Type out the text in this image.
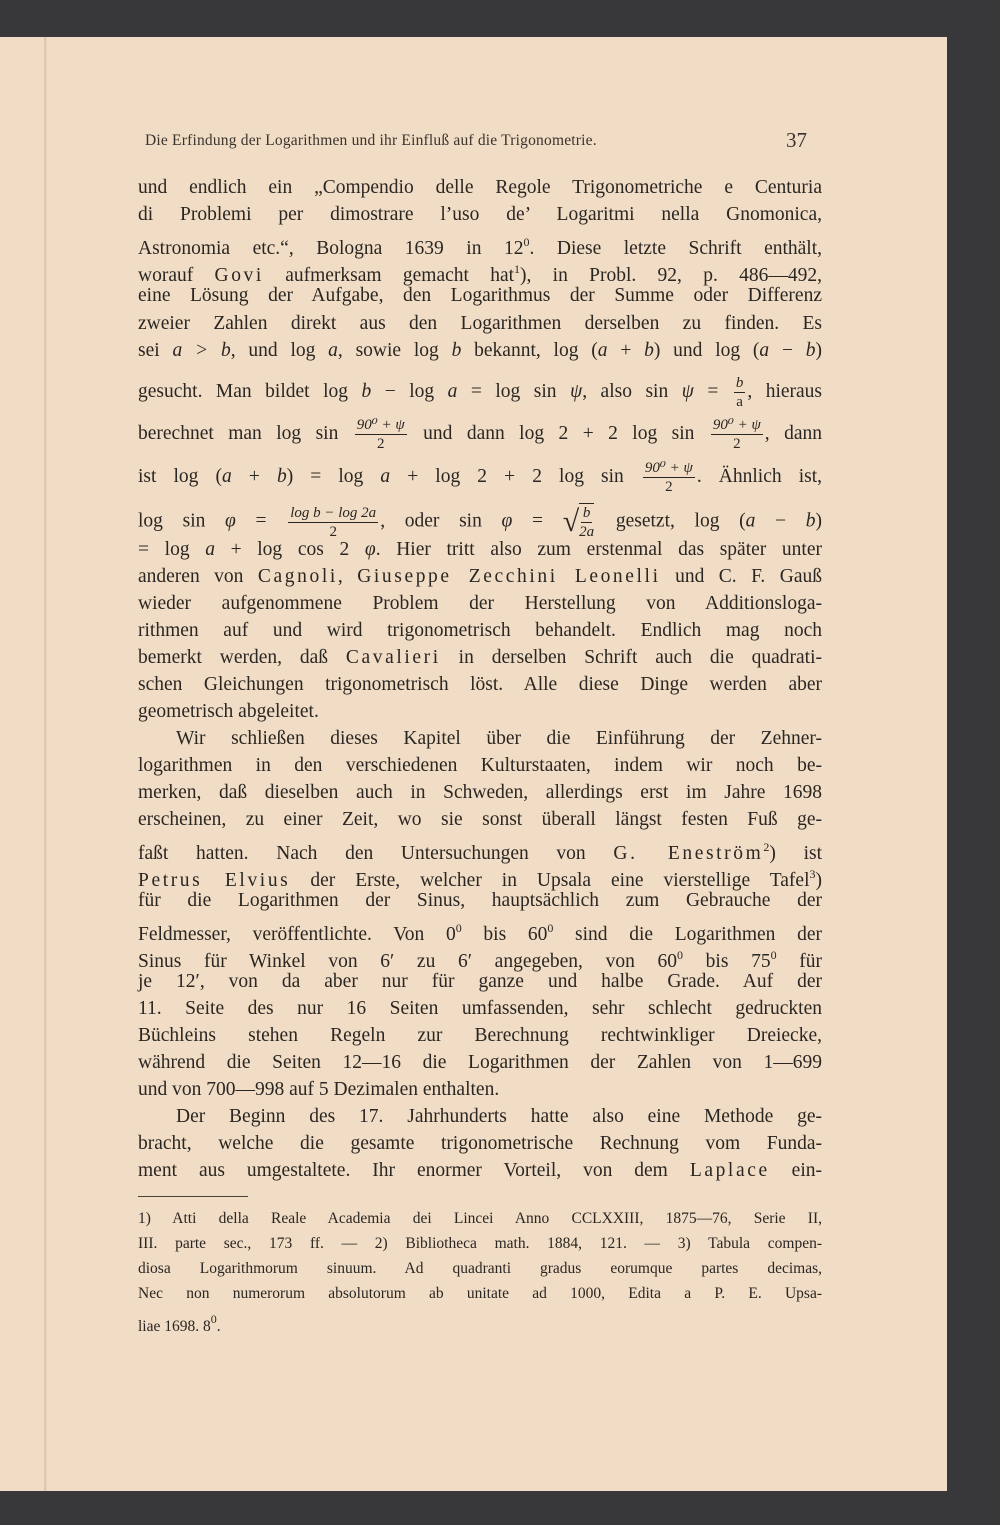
Die Erfindung der Logarithmen und ihr Einfluß auf die Trigonometrie.	37
und endlich ein „Compendio delle Regole Trigonometriche e Centuria
di Problemi per dimostrare l’uso de’ Logaritmi nella Gnomonica,
Astronomia etc.“, Bologna 1639 in $12^0$. Diese letzte Schrift enthält,
worauf Govi aufmerksam gemacht hat$^1$), in Probl. 92, p. 486—492,
eine Lösung der Aufgabe, den Logarithmus der Summe oder Differenz
zweier Zahlen direkt aus den Logarithmen derselben zu finden. Es
sei a > b, und log a, sowie log b bekannt, log (a + b) und log (a − b)
gesucht. Man bildet log b − log a = log sin ψ, also $\sin \psi = \frac{b}{a}$ , hieraus
berechnet man $\log \sin \frac{\text{90⁰ + ψ}}{2}$ und dann log 2 + 2 $\log \sin \frac{\text{90⁰ + ψ}}{2}$ , dann
ist log (a + b) = log a + log 2 + 2 $\log \sin \frac{\text{90⁰ + ψ}}{2}$ . Ähnlich ist,
$\log \sin \varphi = \frac{\text{log b − log 2a}}{2}$ , oder sin φ = √ $\frac{b}{2a}$ gesetzt, log (a − b)
= log a + log cos 2 φ. Hier tritt also zum erstenmal das später unter
anderen von Cagnoli, Giuseppe Zecchini Leonelli und C. F. Gauß
wieder aufgenommene Problem der Herstellung von Additionsloga-
rithmen auf und wird trigonometrisch behandelt. Endlich mag noch
bemerkt werden, daß Cavalieri in derselben Schrift auch die quadrati-
schen Gleichungen trigonometrisch löst. Alle diese Dinge werden aber
geometrisch abgeleitet.
Wir schließen dieses Kapitel über die Einführung der Zehner-
logarithmen in den verschiedenen Kulturstaaten, indem wir noch be-
merken, daß dieselben auch in Schweden, allerdings erst im Jahre 1698
erscheinen, zu einer Zeit, wo sie sonst überall längst festen Fuß ge-
faßt hatten. Nach den Untersuchungen von G. Eneström$^2$) ist
Petrus Elvius der Erste, welcher in Upsala eine vierstellige Tafel$^3$)
für die Logarithmen der Sinus, hauptsächlich zum Gebrauche der
Feldmesser, veröffentlichte. Von $0^0$ bis $60^0$ sind die Logarithmen der
Sinus für Winkel von 6′ zu 6′ angegeben, von $60^0$ bis $75^0$ für
je 12′, von da aber nur für ganze und halbe Grade. Auf der
11. Seite des nur 16 Seiten umfassenden, sehr schlecht gedruckten
Büchleins stehen Regeln zur Berechnung rechtwinkliger Dreiecke,
während die Seiten 12—16 die Logarithmen der Zahlen von 1—699
und von 700—998 auf 5 Dezimalen enthalten.
Der Beginn des 17. Jahrhunderts hatte also eine Methode ge-
bracht, welche die gesamte trigonometrische Rechnung vom Funda-
ment aus umgestaltete. Ihr enormer Vorteil, von dem Laplace ein-
1) Atti della Reale Academia dei Lincei Anno CCLXXIII, 1875—76, Serie II,
III. parte sec., 173 ff. — 2) Bibliotheca math. 1884, 121. — 3) Tabula compen-
diosa Logarithmorum sinuum. Ad quadranti gradus eorumque partes decimas,
Nec non numerorum absolutorum ab unitate ad 1000, Edita a P. E. Upsa-
liae 1698. $8^0$.
